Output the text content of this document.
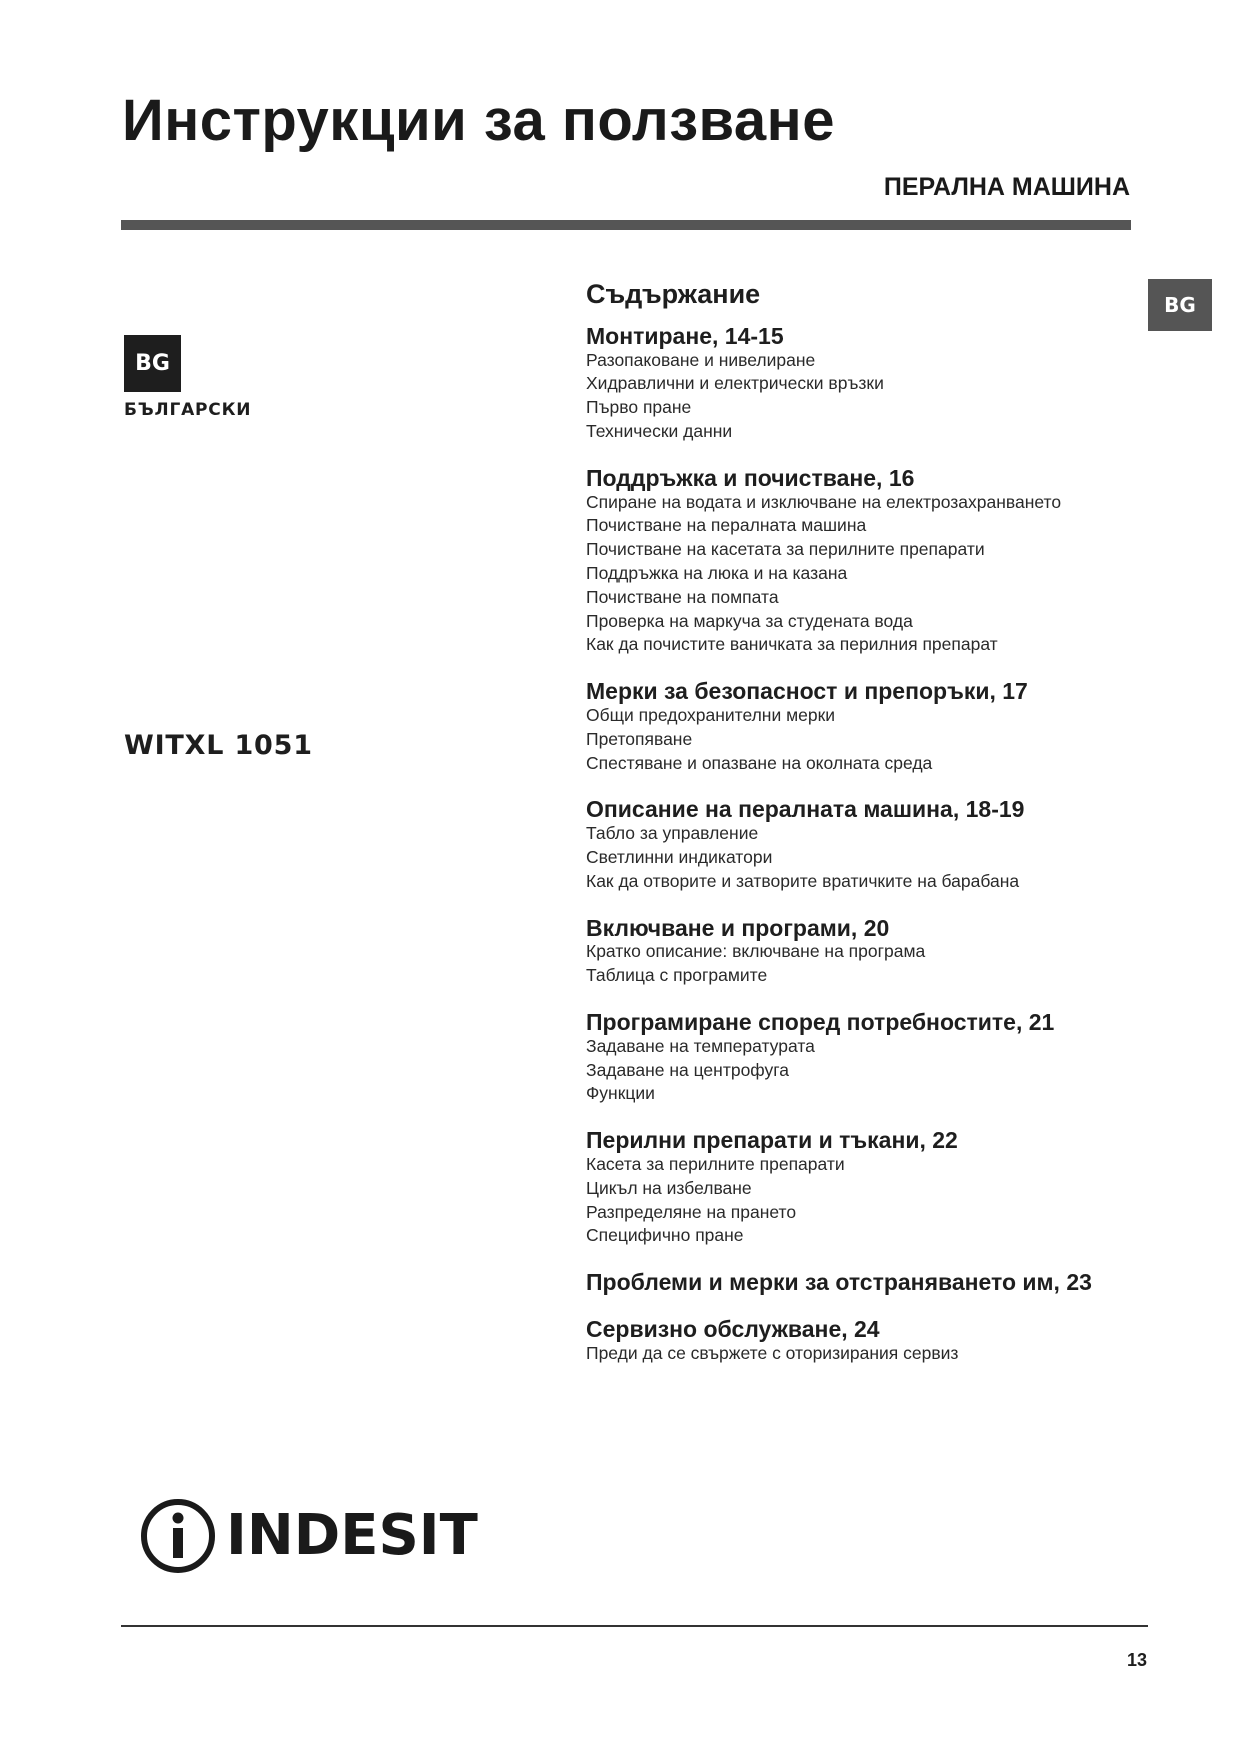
Инструкции за ползване
ПЕРАЛНА МАШИНА
BG
БЪЛГАРСКИ
BG
WITXL 1051
Съдържание
Монтиране, 14-15
Разопаковане и нивелиране
Хидравлични и електрически връзки
Първо пране
Технически данни
Поддръжка и почистване, 16
Спиране на водата и изключване на електрозахранването
Почистване на пералната машина
Почистване на касетата за перилните препарати
Поддръжка на люка и на казана
Почистване на помпата
Проверка на маркуча за студената вода
Как да почистите ваничката за перилния препарат
Мерки за безопасност и препоръки, 17
Общи предохранителни мерки
Претопяване
Спестяване и опазване на околната среда
Описание на пералната машина, 18-19
Табло за управление
Светлинни индикатори
Как да отворите и затворите вратичките на барабана
Включване и програми, 20
Кратко описание: включване на програма
Таблица с програмите
Програмиране според потребностите, 21
Задаване на температурата
Задаване на центрофуга
Функции
Перилни препарати и тъкани, 22
Касета за перилните препарати
Цикъл на избелване
Разпределяне на прането
Специфично пране
Проблеми и мерки за отстраняването им, 23
Сервизно обслужване, 24
Преди да се свържете с оторизирания сервиз
INDESIT
13
